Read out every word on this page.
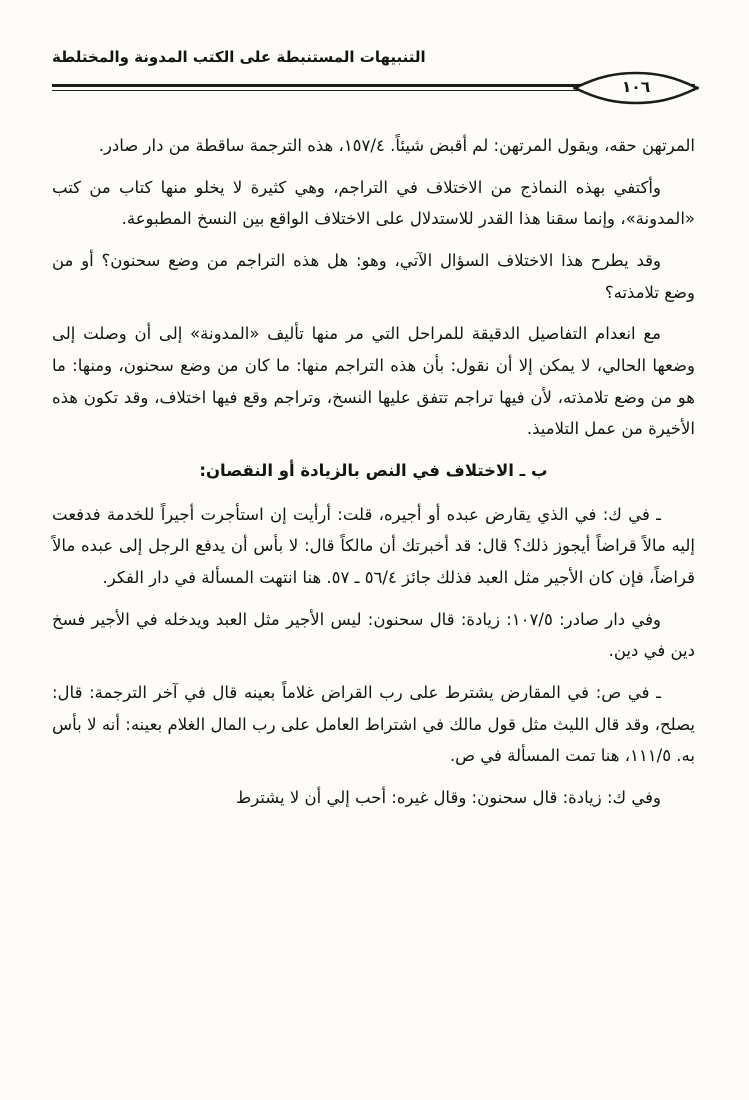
التنبيهات المستنبطة على الكتب المدونة والمختلطة
١٠٦

المرتهن حقه، ويقول المرتهن: لم أقبض شيئاً. ١٥٧/٤، هذه الترجمة ساقطة من دار صادر.

وأكتفي بهذه النماذج من الاختلاف في التراجم، وهي كثيرة لا يخلو منها كتاب من كتب «المدونة»، وإنما سقنا هذا القدر للاستدلال على الاختلاف الواقع بين النسخ المطبوعة.

وقد يطرح هذا الاختلاف السؤال الآتي، وهو: هل هذه التراجم من وضع سحنون؟ أو من وضع تلامذته؟

مع انعدام التفاصيل الدقيقة للمراحل التي مر منها تأليف «المدونة» إلى أن وصلت إلى وضعها الحالي، لا يمكن إلا أن نقول: بأن هذه التراجم منها: ما كان من وضع سحنون، ومنها: ما هو من وضع تلامذته، لأن فيها تراجم تتفق عليها النسخ، وتراجم وقع فيها اختلاف، وقد تكون هذه الأخيرة من عمل التلاميذ.

ب ـ الاختلاف في النص بالزيادة أو النقصان:

ـ في ك: في الذي يقارض عبده أو أجيره، قلت: أرأيت إن استأجرت أجيراً للخدمة فدفعت إليه مالاً قراضاً أيجوز ذلك؟ قال: قد أخبرتك أن مالكاً قال: لا بأس أن يدفع الرجل إلى عبده مالاً قراضاً، فإن كان الأجير مثل العبد فذلك جائز ٥٦/٤ ـ ٥٧. هنا انتهت المسألة في دار الفكر.

وفي دار صادر: ١٠٧/٥: زيادة: قال سحنون: ليس الأجير مثل العبد ويدخله في الأجير فسخ دين في دين.

ـ في ص: في المقارض يشترط على رب القراض غلاماً بعينه قال في آخر الترجمة: قال: يصلح، وقد قال الليث مثل قول مالك في اشتراط العامل على رب المال الغلام بعينه: أنه لا بأس به. ١١١/٥، هنا تمت المسألة في ص.

وفي ك: زيادة: قال سحنون: وقال غيره: أحب إلي أن لا يشترط
